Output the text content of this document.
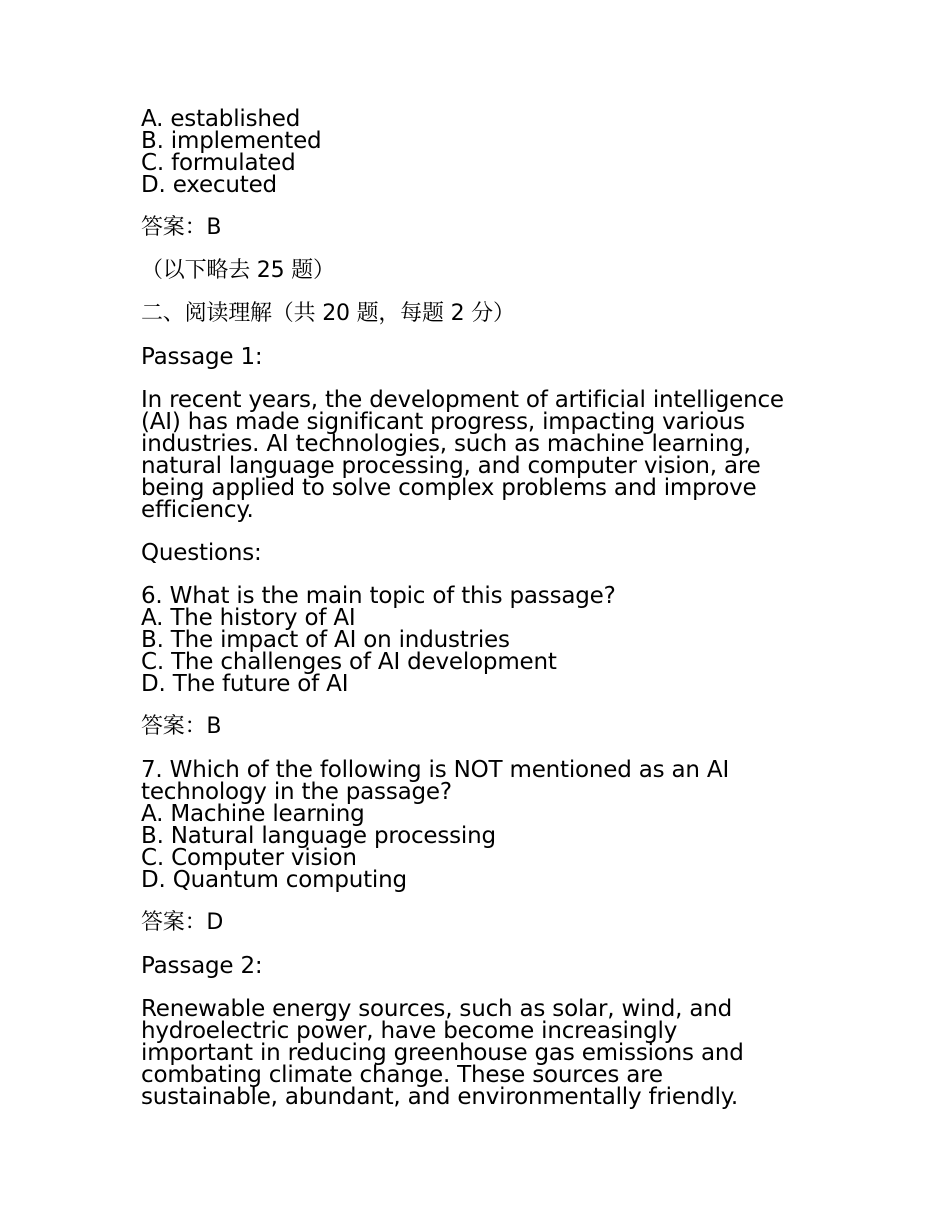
A. established
B. implemented
C. formulated
D. executed
答案：B
（以下略去 25 题）
二、阅读理解（共 20 题，每题 2 分）
Passage 1:
In recent years, the development of artificial intelligence
(AI) has made significant progress, impacting various
industries. AI technologies, such as machine learning,
natural language processing, and computer vision, are
being applied to solve complex problems and improve
efficiency.
Questions:
6. What is the main topic of this passage?
A. The history of AI
B. The impact of AI on industries
C. The challenges of AI development
D. The future of AI
答案：B
7. Which of the following is NOT mentioned as an AI
technology in the passage?
A. Machine learning
B. Natural language processing
C. Computer vision
D. Quantum computing
答案：D
Passage 2:
Renewable energy sources, such as solar, wind, and
hydroelectric power, have become increasingly
important in reducing greenhouse gas emissions and
combating climate change. These sources are
sustainable, abundant, and environmentally friendly.
